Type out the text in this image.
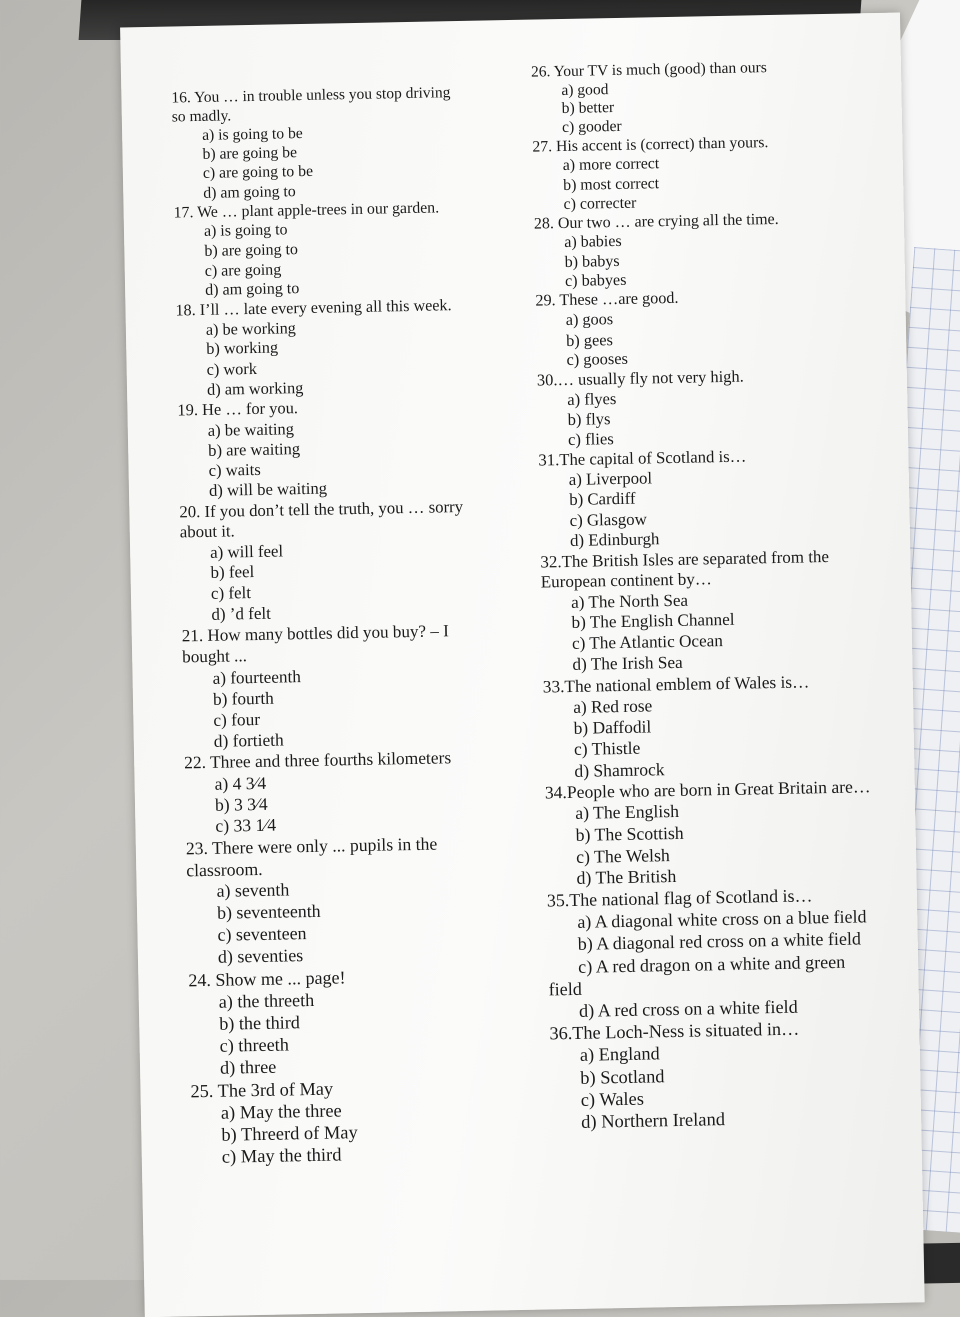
16. You … in trouble unless you stop driving

so madly.

a) is going to be

b) are going be

c) are going to be

d) am going to

17. We … plant apple-trees in our garden.

a) is going to

b) are going to

c) are going

d) am going to

18. I’ll … late every evening all this week.

a) be working

b) working

c) work

d) am working

19. He … for you.

a) be waiting

b) are waiting

c) waits

d) will be waiting

20. If you don’t tell the truth, you … sorry

about it.

a) will feel

b) feel

c) felt

d) ’d felt

21. How many bottles did you buy? – I

bought ...

a) fourteenth

b) fourth

c) four

d) fortieth

22. Three and three fourths kilometers

a) 4 3⁄4

b) 3 3⁄4

c) 33 1⁄4

23. There were only ... pupils in the

classroom.

a) seventh

b) seventeenth

c) seventeen

d) seventies

24. Show me ... page!

a) the threeth

b) the third

c) threeth

d) three

25. The 3rd of May

a) May the three

b) Threerd of May

c) May the third

26. Your TV is much (good) than ours

a) good

b) better

c) gooder

27. His accent is (correct) than yours.

a) more correct

b) most correct

c) correcter

28. Our two … are crying all the time.

a) babies

b) babys

c) babyes

29. These …are good.

a) goos

b) gees

c) gooses

30.… usually fly not very high.

a) flyes

b) flys

c) flies

31.The capital of Scotland is…

a) Liverpool

b) Cardiff

c) Glasgow

d) Edinburgh

32.The British Isles are separated from the

European continent by…

a) The North Sea

b) The English Channel

c) The Atlantic Ocean

d) The Irish Sea

33.The national emblem of Wales is…

a) Red rose

b) Daffodil

c) Thistle

d) Shamrock

34.People who are born in Great Britain are…

a) The English

b) The Scottish

c) The Welsh

d) The British

35.The national flag of Scotland is…

a) A diagonal white cross on a blue field

b) A diagonal red cross on a white field

c) A red dragon on a white and green

field

d) A red cross on a white field

36.The Loch-Ness is situated in…

a) England

b) Scotland

c) Wales

d) Northern Ireland
